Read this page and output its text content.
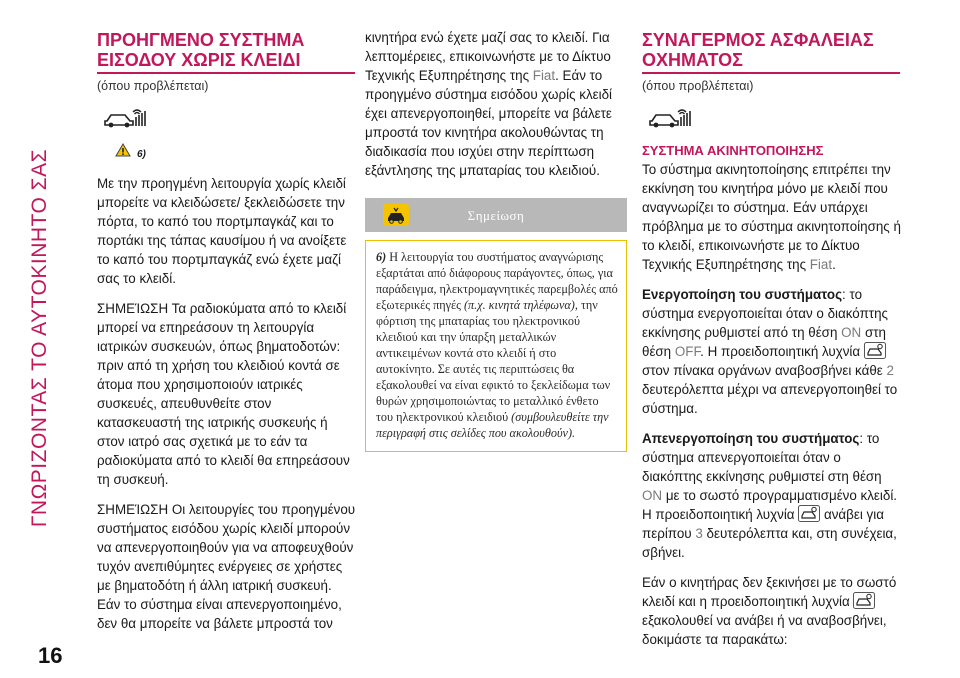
ΓΝΩΡΙΖΟΝΤΑΣ ΤΟ ΑΥΤΟΚΙΝΗΤΟ ΣΑΣ
16
ΠΡΟΗΓΜΕΝΟ ΣΥΣΤΗΜΑ
ΕΙΣΟΔΟΥ ΧΩΡΙΣ ΚΛΕΙΔΙ
(όπου προβλέπεται)
6)

Με την προηγμένη λειτουργία χωρίς κλειδί μπορείτε να κλειδώσετε/ ξεκλειδώσετε την πόρτα, το καπό του πορτμπαγκάζ και το πορτάκι της τάπας καυσίμου ή να ανοίξετε το καπό του πορτμπαγκάζ ενώ έχετε μαζί σας το κλειδί.

ΣΗΜΕΊΩΣΗ Τα ραδιοκύματα από το κλειδί μπορεί να επηρεάσουν τη λειτουργία ιατρικών συσκευών, όπως βηματοδοτών: πριν από τη χρήση του κλειδιού κοντά σε άτομα που χρησιμοποιούν ιατρικές συσκευές, απευθυνθείτε στον κατασκευαστή της ιατρικής συσκευής ή στον ιατρό σας σχετικά με το εάν τα ραδιοκύματα από το κλειδί θα επηρεάσουν τη συσκευή.

ΣΗΜΕΊΩΣΗ Οι λειτουργίες του προηγμένου συστήματος εισόδου χωρίς κλειδί μπορούν να απενεργοποιηθούν για να αποφευχθούν τυχόν ανεπιθύμητες ενέργειες σε χρήστες με βηματοδότη ή άλλη ιατρική συσκευή. Εάν το σύστημα είναι απενεργοποιημένο, δεν θα μπορείτε να βάλετε μπροστά τον

κινητήρα ενώ έχετε μαζί σας το κλειδί. Για λεπτομέρειες, επικοινωνήστε με το Δίκτυο Τεχνικής Εξυπηρέτησης της Fiat. Εάν το προηγμένο σύστημα εισόδου χωρίς κλειδί έχει απενεργοποιηθεί, μπορείτε να βάλετε μπροστά τον κινητήρα ακολουθώντας τη διαδικασία που ισχύει στην περίπτωση εξάντλησης της μπαταρίας του κλειδιού.

Σημείωση
6) Η λειτουργία του συστήματος αναγνώρισης εξαρτάται από διάφορους παράγοντες, όπως, για παράδειγμα, ηλεκτρομαγνητικές παρεμβολές από εξωτερικές πηγές (π.χ. κινητά τηλέφωνα), την φόρτιση της μπαταρίας του ηλεκτρονικού κλειδιού και την ύπαρξη μεταλλικών αντικειμένων κοντά στο κλειδί ή στο αυτοκίνητο. Σε αυτές τις περιπτώσεις θα εξακολουθεί να είναι εφικτό το ξεκλείδωμα των θυρών χρησιμοποιώντας το μεταλλικό ένθετο του ηλεκτρονικού κλειδιού (συμβουλευθείτε την περιγραφή στις σελίδες που ακολουθούν).
ΣΥΝΑΓΕΡΜΟΣ ΑΣΦΑΛΕΙΑΣ
ΟΧΗΜΑΤΟΣ
(όπου προβλέπεται)
ΣΥΣΤΗΜΑ ΑΚΙΝΗΤΟΠΟΙΗΣΗΣ

Το σύστημα ακινητοποίησης επιτρέπει την εκκίνηση του κινητήρα μόνο με κλειδί που αναγνωρίζει το σύστημα. Εάν υπάρχει πρόβλημα με το σύστημα ακινητοποίησης ή το κλειδί, επικοινωνήστε με το Δίκτυο Τεχνικής Εξυπηρέτησης της Fiat.

Ενεργοποίηση του συστήματος: το σύστημα ενεργοποιείται όταν ο διακόπτης εκκίνησης ρυθμιστεί από τη θέση ON στη θέση OFF. Η προειδοποιητική λυχνία  στον πίνακα οργάνων αναβοσβήνει κάθε 2 δευτερόλεπτα μέχρι να απενεργοποιηθεί το σύστημα.

Απενεργοποίηση του συστήματος: το σύστημα απενεργοποιείται όταν ο διακόπτης εκκίνησης ρυθμιστεί στη θέση ON με το σωστό προγραμματισμένο κλειδί. Η προειδοποιητική λυχνία  ανάβει για περίπου 3 δευτερόλεπτα και, στη συνέχεια, σβήνει.

Εάν ο κινητήρας δεν ξεκινήσει με το σωστό κλειδί και η προειδοποιητική λυχνία  εξακολουθεί να ανάβει ή να αναβοσβήνει, δοκιμάστε τα παρακάτω:
